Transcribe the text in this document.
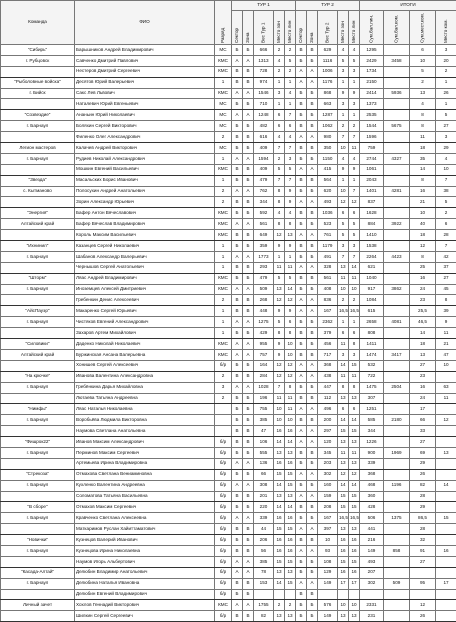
Команда	ФИО	Разряд	ТУР 1					ТУР 2					ИТОГИ			
			Сектор	Зона	Вес Тур 1	Место зон	Место лин	Сектор	Зона	Вес Тур 2	Место зон	Место лин	Сум.бал.лин.	Сум.бал.ком.	Сум.мест.ком.	Место ком.
"Сибирь"	Барышников Андрей Владимирович	МС	Б	Б	666	2	2	В	В	629	4	4	1295		6	3
г. Рубцовск	Савченко Дмитрий Павлович	КМС	А	А	1313	4	5	Б	Б	1116	5	5	2429	3458	10	20
	Нестеров Дмитрий Сергеевич	КМС	В	В	728	2	2	А	А	1006	3	3	1734		5	2
"Рыболовные войска"	Десятов Юрий Валерьевич	1	В	В	974	1	1	А	А	1176	1	1	2150		2	1
г. Бийск	Сакс Лев Львович	КМС	А	А	1546	3	4	Б	Б	868	9	9	2414	5936	13	26
	Наталевич Юрий Евгеньевич	МС	Б	Б	710	1	1	В	В	663	3	3	1373		4	1
"Созвездие"	Ананьин Юрий Николаевич	МС	А	А	1248	6	7	Б	Б	1287	1	1	2535		8	5
г. Барнаул	Боляхин Сергей Викторович	МС	Б	Б	482	6	6	В	В	1062	2	2	1544	5675	8	27
	Филенко Олег Александрович	2	В	В	616	4	4	А	А	980	7	7	1596		11	3
Легион мастеров	Калачев Андрей Викторович	МС	Б	Б	409	7	7	В	В	350	10	11	759		18	29
г. Барнаул	Рудиев Николай Александрович	1	А	А	1594	2	3	Б	Б	1150	4	4	2744	4327	35	4
	Мошкин Евгений Васильевич	КМС	В	В	409	5	5	А	А	415	9	9	1061		14	10
"Звезда"	Масальских Борис Иванович	1	Б	Б	479	7	7	В	В	564	1	1	2043		8	7
с. Кытманово	Полосухин Андрей Анатольевич	2	А	А	762	8	9	Б	Б	620	10	7	1401	4281	16	38
	Зорин Александр Юрьевич	2	В	В	344	8	9	А	А	493	12	12	837		21	5
"Энергия"	Бафер Антон Вячеславович	КМС	Б	Б	592	4	4	В	В	1036	6	6	1628		10	2
Алтайский край	Бафер Вячеслав Владимирович	КМС	А	А	561	8	8	Б	Б	523	5	5	884	3922	40	6
	Король Максим Васильевич	КМС	В	В	649	12	13	А	А	761	5	5	1410		18	28
"Ихнинил"	Казанцев Сергей Николаевич	1	Б	Б	359	9	9	В	В	1179	3	3	1538		12	7
г. Барнаул	Шабанов Александр Валерьевич	1	А	А	1773	1	1	Б	Б	491	7	7	2264	4423	8	42
	Чернышов Сергей Анатольевич	1	В	В	293	11	11	А	А	328	13	14	621		25	37
"Шторм"	Ляас Андрей Владимирович	КМС	Б	Б	479	5	5	В	В	561	11	11	1040		16	27
г. Барнаул	Иноземцев Алексей Дмитриевич	КМС	А	А	509	13	14	Б	Б	408	10	10	917	3862	24	45
	Гребенкин Денис Алексеевич	2	В	В	268	12	12	А	А	836	2	2	1084		23	8
"АйсПауэр"	Макаренко Сергей Юрьевич	1	В	В	448	9	9	А	А	167	16,5	16,5	615		25,5	39
г. Барнаул	Чистяков Евгений Александрович	1	А	А	1275	5	6	Б	Б	2362	1	1	2658	4081	46,5	9
	Захаров Артем Михайлович	1	Б	Б	429	8	8	В	В	379	6	6	808		14	11
"Силовики"	Даденко Николай Николаевич	КМС	А	А	955	9	10	Б	Б	456	11	8	1411		18	21
Алтайский край	Буржинская Ансана Валерьевна	КМС	А	А	757	9	10	В	В	717	3	3	1474	3417	13	47
	Хонишев Сергей Алексеевич	б/р	Б	Б	164	12	12	А	А	368	14	15	532		27	10
"На крючке"	Иванова Валентина Александровна	2	В	В	284	12	12	А	А	438	11	11	722		23	
г. Барнаул	Гребёнкина Дарья Михайловна	3	А	А	1028	7	8	Б	Б	447	8	8	1475	2504	16	63
	Лютаева Татьяна Андреевна	2	Б	Б	196	11	11	В	В	112	13	13	307		24	11
"Нимфы"	Ляас Наталья Николаевна		Б	Б	755	10	11	А	А	496	6	6	1251		17	
г. Барнаул	Воробьёва Людмила Викторовна		Б	Б	385	10	10	В	В	200	14	14	585	2180	66	12
	Наумова Светлана Анатольевна		В	В	47	16	16	А	А	297	15	15	344		33	
"Фишрок22"	Иванов Максим Александрович	б/р	В	В	106	14	14	А	А	120	13	13	1226		27	
г. Барнаул	Перминов Максим Сергеевич	б/р	Б	Б	555	13	13	В	В	345	11	11	900	1969	69	13
	Артемьева Ирина Владимировна	б/р	А	А	136	16	16	Б	Б	203	13	13	339		29	
"Стрекоза"	Отмахова Светлана Вениаминовна	б/р	Б	Б	66	15	15	А	А	302	12	12	368		26	
г. Барнаул	Кухленко Валентина Андреевна	б/р	А	А	308	14	15	Б	Б	160	14	14	468	1196	82	14
	Соломатова Татьяна Васильевна	б/р	В	В	201	13	13	А	А	159	15	15	360		28	
"В сборе"	Отмахов Максим Сергеевич	б/р	Б	Б	220	14	14	В	В	208	15	15	428		29	
г. Барнаул	Кравченко Светлана Алексеевна	б/р	А	А	339	16	16	Б	Б	167	16,5	16,5	506	1375	86,5	15
	Маткаримов Руслан Хайиттаматович	б/р	В	В	44	15	15	А	А	397	13	13	441		28	
"Новички"	Кузнецов Валерий Иванович	б/р	Б	Б	206	16	16	В	В	10	16	16	216		32	
г. Барнаул	Кузнецова Ирина Николаевна	б/р	В	В	56	16	16	А	А	93	16	16	149	858	91	16
	Наумов Игорь Альбертович	б/р	А	А	385	15	15	Б	Б	108	15	15	493		27	
"Касада-Алтай"	Делюбин Владимир Анатольевич	б/р	А	А	78	13	13	Б	Б	129	16	16	207			
г. Барнаул	Делюбина Наталья Ивановна	б/р	В	В	153	14	15	А	А	149	17	17	302	509	95	17
	Делюбин Евгений Владимирович	б/р	Б	Б				В	В							
Личный зачет	Хохлов Геннадий Викторович	КМС	А	А	1755	2	2	Б	Б	576	10	10	2331		12	
	Шилкин Сергей Сергеевич	б/р	В	В	82	13	13	Б	Б	149	13	13	231		26	
